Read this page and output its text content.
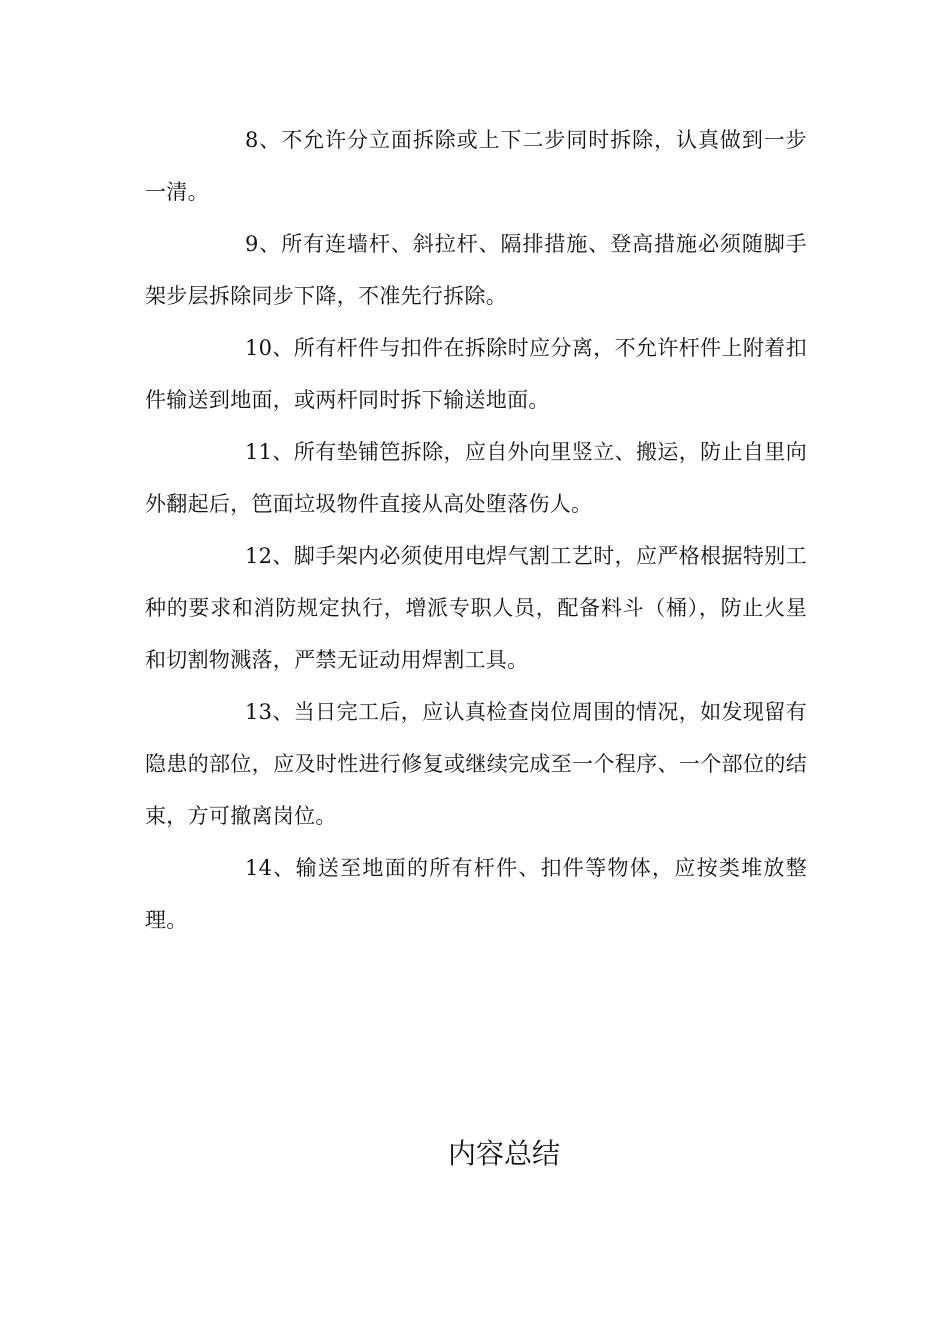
8、不允许分立面拆除或上下二步同时拆除，认真做到一步一清。

9、所有连墙杆、斜拉杆、隔排措施、登高措施必须随脚手架步层拆除同步下降，不准先行拆除。

10、所有杆件与扣件在拆除时应分离，不允许杆件上附着扣件输送到地面，或两杆同时拆下输送地面。

11、所有垫铺笆拆除，应自外向里竖立、搬运，防止自里向外翻起后，笆面垃圾物件直接从高处堕落伤人。

12、脚手架内必须使用电焊气割工艺时，应严格根据特别工种的要求和消防规定执行，增派专职人员，配备料斗（桶），防止火星和切割物溅落，严禁无证动用焊割工具。

13、当日完工后，应认真检查岗位周围的情况，如发现留有隐患的部位，应及时性进行修复或继续完成至一个程序、一个部位的结束，方可撤离岗位。

14、输送至地面的所有杆件、扣件等物体，应按类堆放整理。

内容总结
